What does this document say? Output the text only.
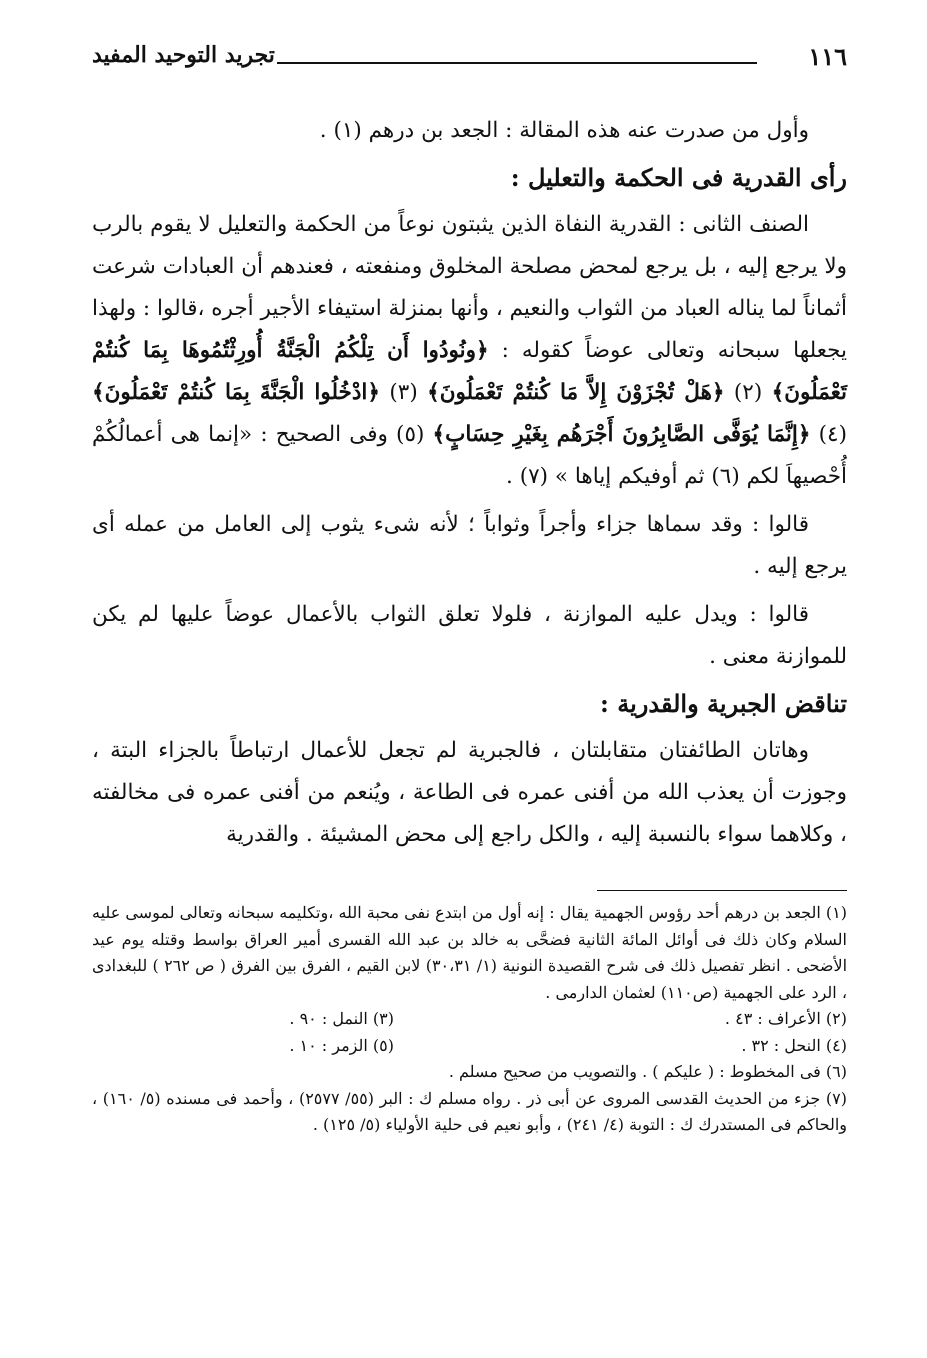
١١٦
تجريد التوحيد المفيد

وأول من صدرت عنه هذه المقالة : الجعد بن درهم (١) .

رأى القدرية فى الحكمة والتعليل :

الصنف الثانى : القدرية النفاة الذين يثبتون نوعاً من الحكمة والتعليل لا يقوم بالرب ولا يرجع إليه ، بل يرجع لمحض مصلحة المخلوق ومنفعته ، فعندهم أن العبادات شرعت أثماناً لما يناله العباد من الثواب والنعيم ، وأنها بمنزلة استيفاء الأجير أجره ،قالوا : ولهذا يجعلها سبحانه وتعالى عوضاً كقوله : ﴿ونُودُوا أَن تِلْكُمُ الْجَنَّةُ أُورِثْتُمُوهَا بِمَا كُنتُمْ تَعْمَلُونَ﴾ (٢) ﴿هَلْ تُجْزَوْنَ إِلاَّ مَا كُنتُمْ تَعْمَلُونَ﴾ (٣) ﴿ادْخُلُوا الْجَنَّةَ بِمَا كُنتُمْ تَعْمَلُونَ﴾ (٤) ﴿إِنَّمَا يُوَفَّى الصَّابِرُونَ أَجْرَهُم بِغَيْرِ حِسَابٍ﴾ (٥) وفى الصحيح : «إنما هى أعمالُكُمْ أُحْصيهاَ لكم (٦) ثم أوفيكم إياها » (٧) .

قالوا : وقد سماها جزاء وأجراً وثواباً ؛ لأنه شىء يثوب إلى العامل من عمله أى يرجع إليه .

قالوا : ويدل عليه الموازنة ، فلولا تعلق الثواب بالأعمال عوضاً عليها لم يكن للموازنة معنى .

تناقض الجبرية والقدرية :

وهاتان الطائفتان متقابلتان ، فالجبرية لم تجعل للأعمال ارتباطاً بالجزاء البتة ، وجوزت أن يعذب الله من أفنى عمره فى الطاعة ، ويُنعم من أفنى عمره فى مخالفته ، وكلاهما سواء بالنسبة إليه ، والكل راجع إلى محض المشيئة . والقدرية

(١) الجعد بن درهم أحد رؤوس الجهمية يقال : إنه أول من ابتدع نفى محبة الله ،وتكليمه سبحانه وتعالى لموسى عليه السلام وكان ذلك فى أوائل المائة الثانية فضحَّى به خالد بن عبد الله القسرى أمير العراق بواسط وقتله يوم عيد الأضحى . انظر تفصيل ذلك فى شرح القصيدة النونية (١/ ٣٠،٣١) لابن القيم ، الفرق بين الفرق ( ص ٢٦٢ ) للبغدادى ، الرد على الجهمية (ص١١٠) لعثمان الدارمى .

(٢) الأعراف : ٤٣ .
(٣) النمل : ٩٠ .
(٤) النحل : ٣٢ .
(٥) الزمر : ١٠ .

(٦) فى المخطوط : ( عليكم ) . والتصويب من صحيح مسلم .

(٧) جزء من الحديث القدسى المروى عن أبى ذر . رواه مسلم ك : البر (٥٥/ ٢٥٧٧) ، وأحمد فى مسنده (٥/ ١٦٠) ، والحاكم فى المستدرك ك : التوبة (٤/ ٢٤١) ، وأبو نعيم فى حلية الأولياء (٥/ ١٢٥) .
